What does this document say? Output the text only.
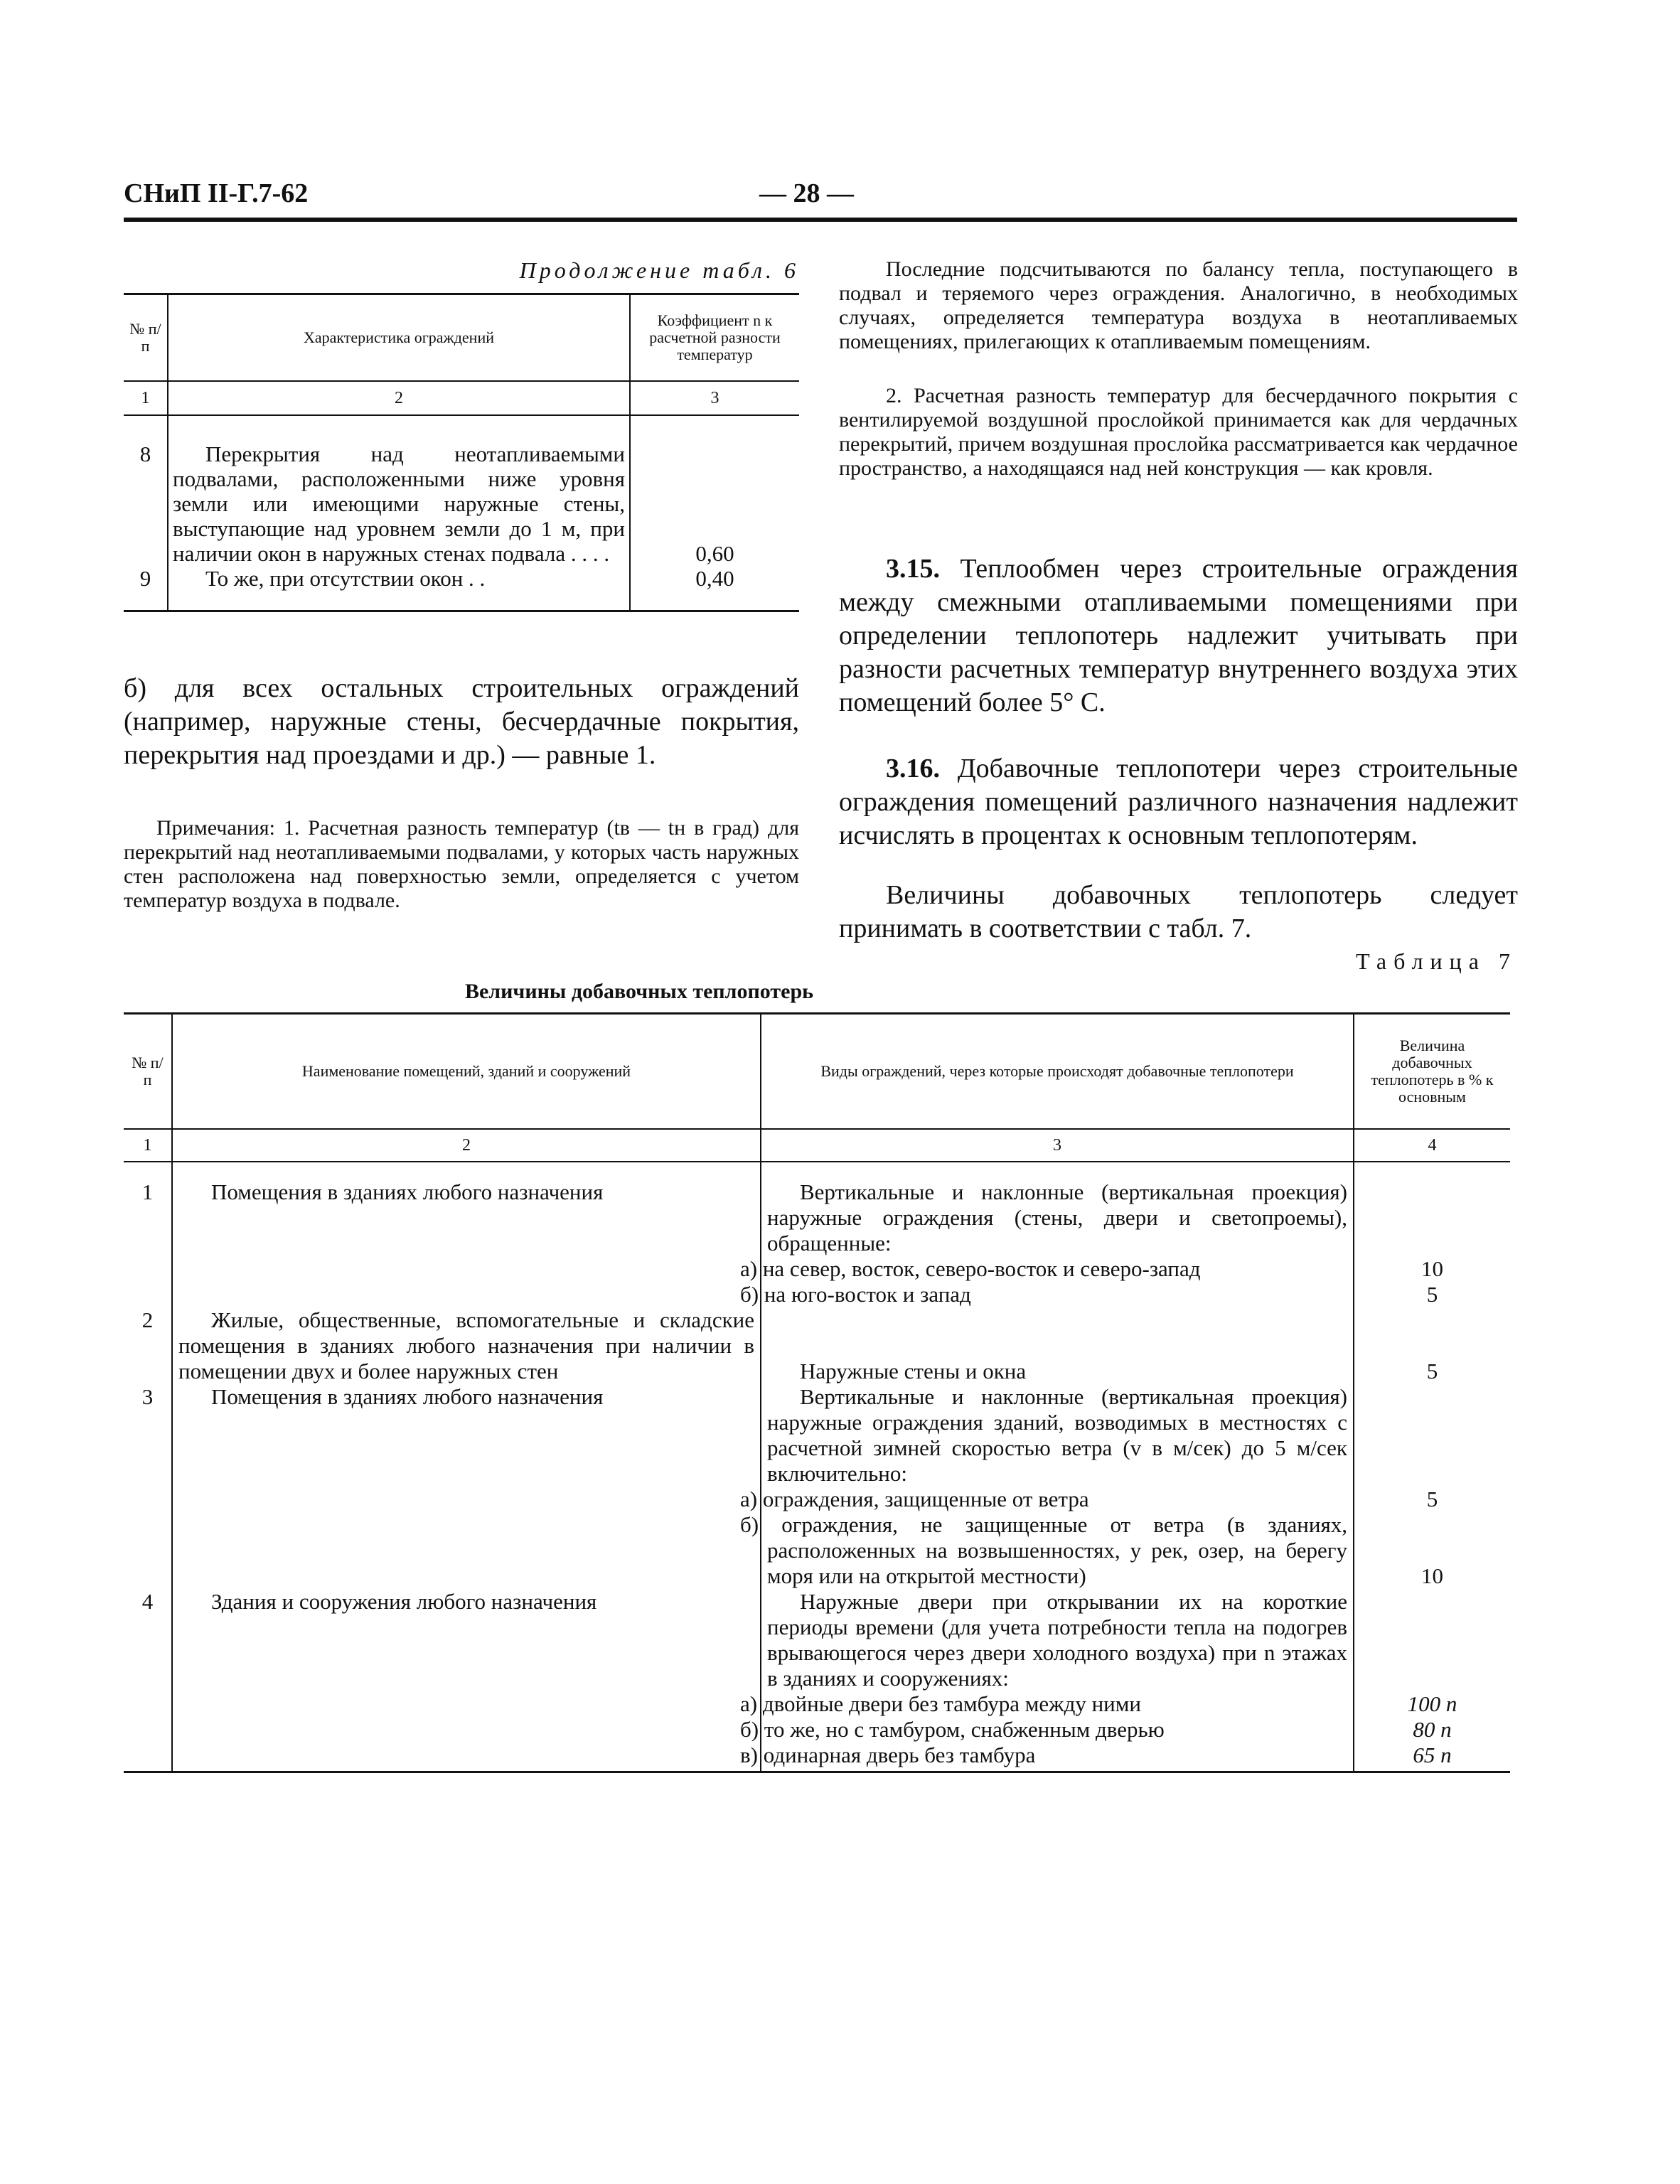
СНиП II-Г.7-62	— 28 —
Продолжение табл. 6
№ п/п	Характеристика ограждений	Коэффициент n к расчетной разности температур
1	2	3
8	Перекрытия над неотапливаемыми подвалами, расположенными ниже уровня земли или имеющими наружные стены, выступающие над уровнем земли до 1 м, при наличии окон в наружных стенах подвала . . . .	0,60
9	То же, при отсутствии окон . .	0,40
б) для всех остальных строительных ограждений (например, наружные стены, бесчердачные покрытия, перекрытия над проездами и др.) — равные 1.
Примечания: 1. Расчетная разность температур (tв — tн в град) для перекрытий над неотапливаемыми подвалами, у которых часть наружных стен расположена над поверхностью земли, определяется с учетом температур воздуха в подвале.

Последние подсчитываются по балансу тепла, поступающего в подвал и теряемого через ограждения. Аналогично, в необходимых случаях, определяется температура воздуха в неотапливаемых помещениях, прилегающих к отапливаемым помещениям.

2. Расчетная разность температур для бесчердачного покрытия с вентилируемой воздушной прослойкой принимается как для чердачных перекрытий, причем воздушная прослойка рассматривается как чердачное пространство, а находящаяся над ней конструкция — как кровля.

3.15. Теплообмен через строительные ограждения между смежными отапливаемыми помещениями при определении теплопотерь надлежит учитывать при разности расчетных температур внутреннего воздуха этих помещений более 5° С.

3.16. Добавочные теплопотери через строительные ограждения помещений различного назначения надлежит исчислять в процентах к основным теплопотерям.

Величины добавочных теплопотерь следует принимать в соответствии с табл. 7.

Таблица 7
Величины добавочных теплопотерь
№ п/п	Наименование помещений, зданий и сооружений	Виды ограждений, через которые происходят добавочные теплопотери	Величина добавочных теплопотерь в % к основным
1	2	3	4
1	Помещения в зданиях любого назначения	Вертикальные и наклонные (вертикальная проекция) наружные ограждения (стены, двери и светопроемы), обращенные:	
		а) на север, восток, северо-восток и северо-запад	10
		б) на юго-восток и запад	5
2	Жилые, общественные, вспомогательные и складские помещения в зданиях любого назначения при наличии в помещении двух и более наружных стен	Наружные стены и окна	5
3	Помещения в зданиях любого назначения	Вертикальные и наклонные (вертикальная проекция) наружные ограждения зданий, возводимых в местностях с расчетной зимней скоростью ветра (v в м/сек) до 5 м/сек включительно:	
		а) ограждения, защищенные от ветра	5
		б) ограждения, не защищенные от ветра (в зданиях, расположенных на возвышенностях, у рек, озер, на берегу моря или на открытой местности)	10
4	Здания и сооружения любого назначения	Наружные двери при открывании их на короткие периоды времени (для учета потребности тепла на подогрев врывающегося через двери холодного воздуха) при n этажах в зданиях и сооружениях:	
		а) двойные двери без тамбура между ними	100 n
		б) то же, но с тамбуром, снабженным дверью	80 n
		в) одинарная дверь без тамбура	65 n
